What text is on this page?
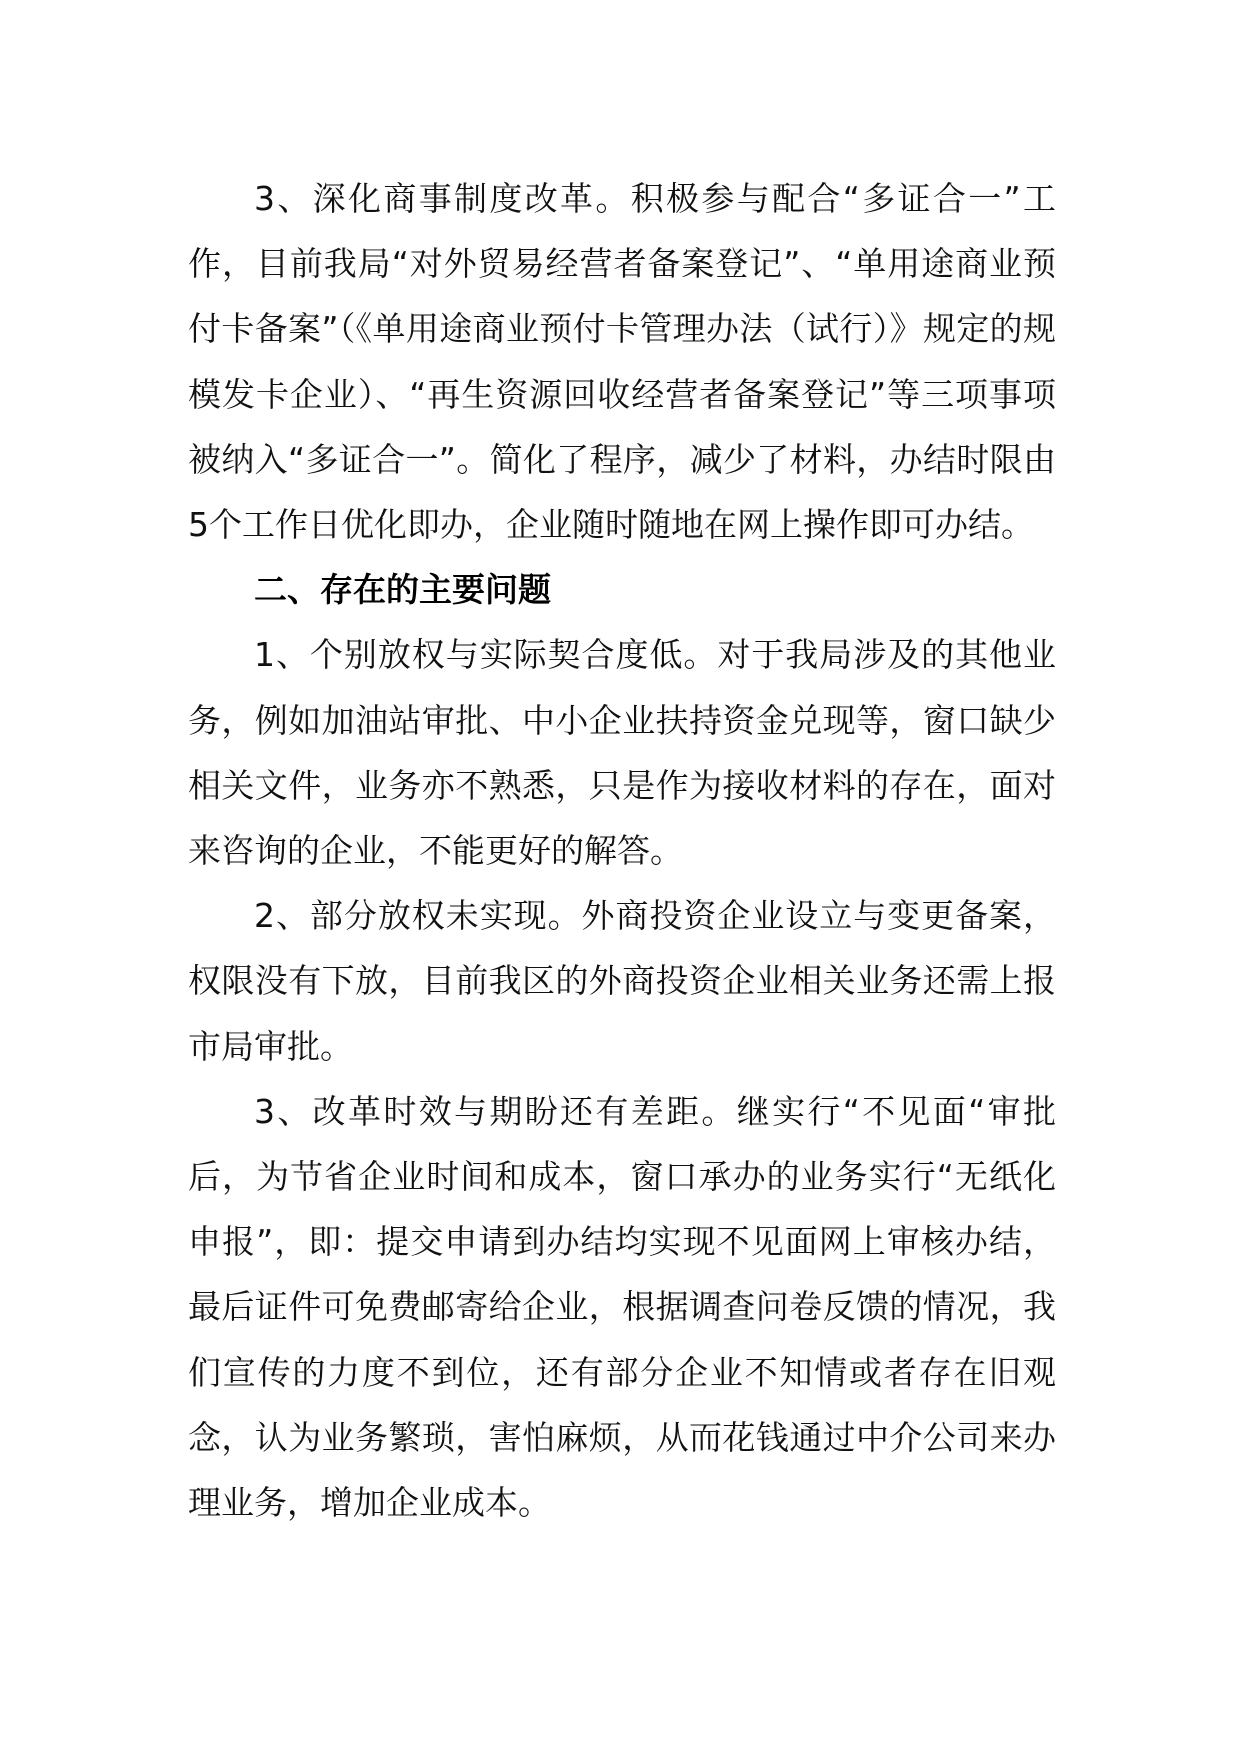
3、深化商事制度改革。积极参与配合“多证合一”工作，目前我局“对外贸易经营者备案登记”、“单用途商业预付卡备案”（《单用途商业预付卡管理办法（试行）》规定的规模发卡企业）、“再生资源回收经营者备案登记”等三项事项被纳入“多证合一”。简化了程序，减少了材料，办结时限由5个工作日优化即办，企业随时随地在网上操作即可办结。

二、存在的主要问题

1、个别放权与实际契合度低。对于我局涉及的其他业务，例如加油站审批、中小企业扶持资金兑现等，窗口缺少相关文件，业务亦不熟悉，只是作为接收材料的存在，面对来咨询的企业，不能更好的解答。

2、部分放权未实现。外商投资企业设立与变更备案，权限没有下放，目前我区的外商投资企业相关业务还需上报市局审批。

3、改革时效与期盼还有差距。继实行“不见面“审批后，为节省企业时间和成本，窗口承办的业务实行“无纸化申报”，即：提交申请到办结均实现不见面网上审核办结，最后证件可免费邮寄给企业，根据调查问卷反馈的情况，我们宣传的力度不到位，还有部分企业不知情或者存在旧观念，认为业务繁琐，害怕麻烦，从而花钱通过中介公司来办理业务，增加企业成本。
